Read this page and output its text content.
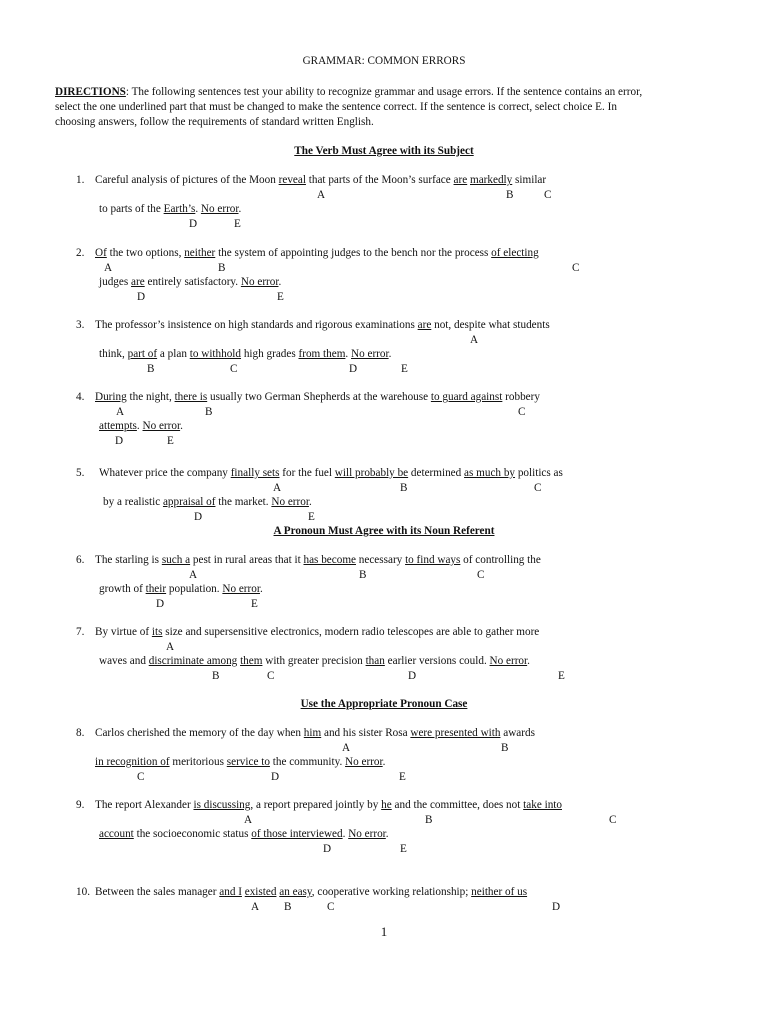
GRAMMAR: COMMON ERRORS
DIRECTIONS: The following sentences test your ability to recognize grammar and usage errors. If the sentence contains an error,
select the one underlined part that must be changed to make the sentence correct. If the sentence is correct, select choice E. In
choosing answers, follow the requirements of standard written English.
The Verb Must Agree with its Subject
A Pronoun Must Agree with its Noun Referent
Use the Appropriate Pronoun Case
1. Careful analysis of pictures of the Moon reveal that parts of the Moon’s surface are markedly similar
to parts of the Earth’s. No error.
A	B	C
D	E
2. Of the two options, neither the system of appointing judges to the bench nor the process of electing
judges are entirely satisfactory. No error.
A	B	C
D	E
3. The professor’s insistence on high standards and rigorous examinations are not, despite what students
think, part of a plan to withhold high grades from them. No error.
A
B	C	D	E
4. During the night, there is usually two German Shepherds at the warehouse to guard against robbery
attempts. No error.
A	B	C
D	E
5. Whatever price the company finally sets for the fuel will probably be determined as much by politics as
by a realistic appraisal of the market. No error.
A	B	C
D	E
6. The starling is such a pest in rural areas that it has become necessary to find ways of controlling the
growth of their population. No error.
A	B	C
D	E
7. By virtue of its size and supersensitive electronics, modern radio telescopes are able to gather more
waves and discriminate among them with greater precision than earlier versions could. No error.
A
B	C	D	E
8. Carlos cherished the memory of the day when him and his sister Rosa were presented with awards
in recognition of meritorious service to the community. No error.
A	B
C	D	E
9. The report Alexander is discussing, a report prepared jointly by he and the committee, does not take into
account the socioeconomic status of those interviewed. No error.
A	B	C
D	E
10. Between the sales manager and I existed an easy, cooperative working relationship; neither of us
A B	C	D
1
